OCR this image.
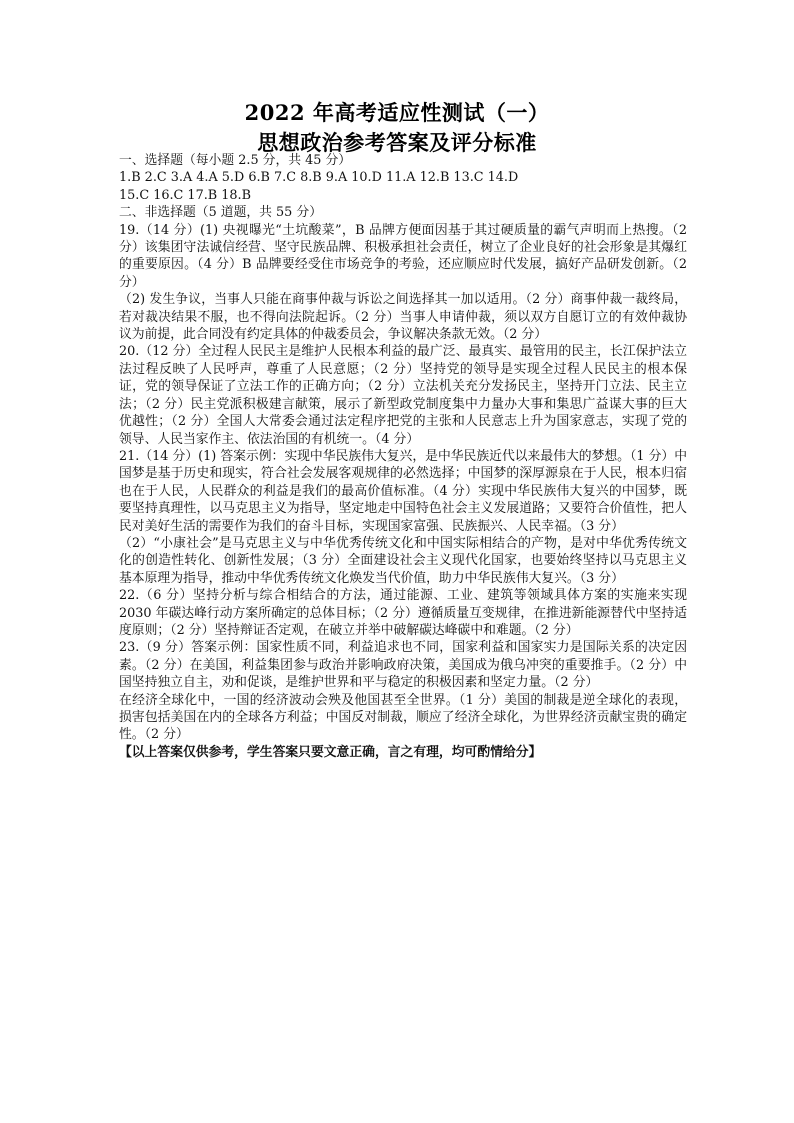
2022 年高考适应性测试（一）
思想政治参考答案及评分标准

一、选择题（每小题 2.5 分，共 45 分）

1.B 2.C 3.A 4.A 5.D 6.B 7.C 8.B 9.A 10.D 11.A 12.B 13.C 14.D

15.C 16.C 17.B 18.B

二、非选择题（5 道题，共 55 分）

19.（14 分）(1) 央视曝光“土坑酸菜”，B 品牌方便面因基于其过硬质量的霸气声明而上热搜。（2 分）该集团守法诚信经营、坚守民族品牌、积极承担社会责任，树立了企业良好的社会形象是其爆红的重要原因。（4 分）B 品牌要经受住市场竞争的考验，还应顺应时代发展，搞好产品研发创新。（2 分）

（2) 发生争议，当事人只能在商事仲裁与诉讼之间选择其一加以适用。（2 分）商事仲裁一裁终局，若对裁决结果不服，也不得向法院起诉。（2 分）当事人申请仲裁，须以双方自愿订立的有效仲裁协议为前提，此合同没有约定具体的仲裁委员会，争议解决条款无效。（2 分）

20.（12 分）全过程人民民主是维护人民根本利益的最广泛、最真实、最管用的民主，长江保护法立法过程反映了人民呼声，尊重了人民意愿；（2 分）坚持党的领导是实现全过程人民民主的根本保证，党的领导保证了立法工作的正确方向；（2 分）立法机关充分发扬民主，坚持开门立法、民主立法；（2 分）民主党派积极建言献策，展示了新型政党制度集中力量办大事和集思广益谋大事的巨大优越性；（2 分）全国人大常委会通过法定程序把党的主张和人民意志上升为国家意志，实现了党的领导、人民当家作主、依法治国的有机统一。（4 分）

21.（14 分）(1) 答案示例：实现中华民族伟大复兴，是中华民族近代以来最伟大的梦想。（1 分）中国梦是基于历史和现实，符合社会发展客观规律的必然选择；中国梦的深厚源泉在于人民，根本归宿也在于人民，人民群众的利益是我们的最高价值标准。（4 分）实现中华民族伟大复兴的中国梦，既要坚持真理性，以马克思主义为指导，坚定地走中国特色社会主义发展道路；又要符合价值性，把人民对美好生活的需要作为我们的奋斗目标，实现国家富强、民族振兴、人民幸福。（3 分）

（2）“小康社会”是马克思主义与中华优秀传统文化和中国实际相结合的产物，是对中华优秀传统文化的创造性转化、创新性发展；（3 分）全面建设社会主义现代化国家，也要始终坚持以马克思主义基本原理为指导，推动中华优秀传统文化焕发当代价值，助力中华民族伟大复兴。（3 分）

22.（6 分）坚持分析与综合相结合的方法，通过能源、工业、建筑等领域具体方案的实施来实现 2030 年碳达峰行动方案所确定的总体目标；（2 分）遵循质量互变规律，在推进新能源替代中坚持适度原则；（2 分）坚持辩证否定观，在破立并举中破解碳达峰碳中和难题。（2 分）

23.（9 分）答案示例：国家性质不同，利益追求也不同，国家利益和国家实力是国际关系的决定因素。（2 分）在美国，利益集团参与政治并影响政府决策，美国成为俄乌冲突的重要推手。（2 分）中国坚持独立自主，劝和促谈，是维护世界和平与稳定的积极因素和坚定力量。（2 分）

在经济全球化中，一国的经济波动会殃及他国甚至全世界。（1 分）美国的制裁是逆全球化的表现，损害包括美国在内的全球各方利益；中国反对制裁，顺应了经济全球化，为世界经济贡献宝贵的确定性。（2 分）

【以上答案仅供参考，学生答案只要文意正确，言之有理，均可酌情给分】
